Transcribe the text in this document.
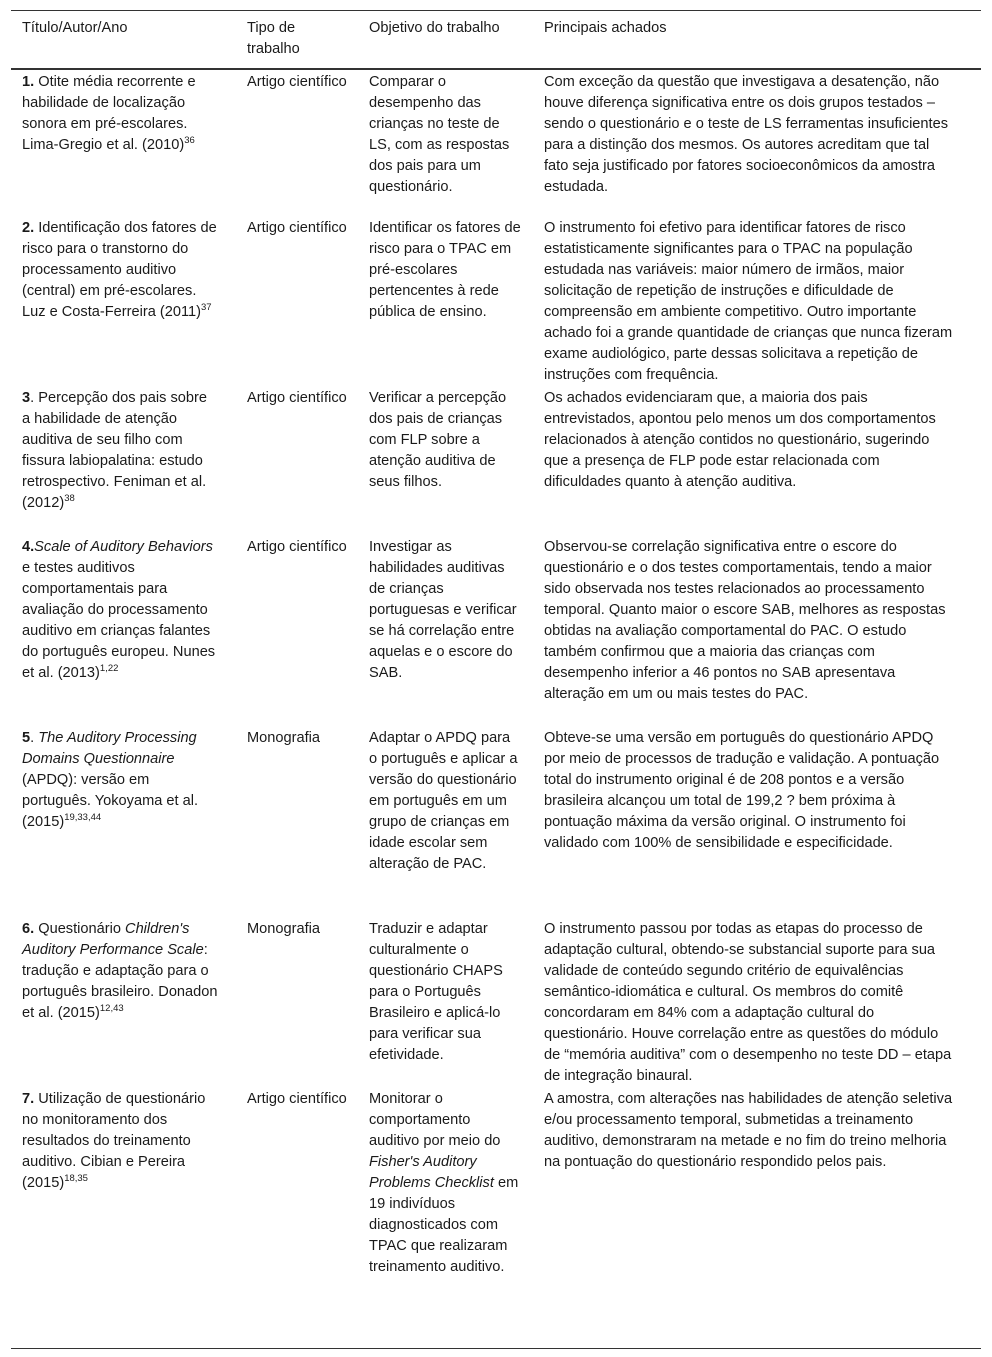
Título/Autor/Ano	Tipo de trabalho	Objetivo do trabalho	Principais achados
1. Otite média recorrente e habilidade de localização sonora em pré-escolares. Lima-Gregio et al. $(2010)^{36}$	Artigo científico	Comparar o desempenho das crianças no teste de LS, com as respostas dos pais para um questionário.	Com exceção da questão que investigava a desatenção, não houve diferença significativa entre os dois grupos testados – sendo o questionário e o teste de LS ferramentas insuficientes para a distinção dos mesmos. Os autores acreditam que tal fato seja justificado por fatores socioeconômicos da amostra estudada.
2. Identificação dos fatores de risco para o transtorno do processamento auditivo (central) em pré-escolares. Luz e Costa-Ferreira $(2011)^{37}$	Artigo científico	Identificar os fatores de risco para o TPAC em pré-escolares pertencentes à rede pública de ensino.	O instrumento foi efetivo para identificar fatores de risco estatisticamente significantes para o TPAC na população estudada nas variáveis: maior número de irmãos, maior solicitação de repetição de instruções e dificuldade de compreensão em ambiente competitivo. Outro importante achado foi a grande quantidade de crianças que nunca fizeram exame audiológico, parte dessas solicitava a repetição de instruções com frequência.
3. Percepção dos pais sobre a habilidade de atenção auditiva de seu filho com fissura labiopalatina: estudo retrospectivo. Feniman et al. $(2012)^{38}$	Artigo científico	Verificar a percepção dos pais de crianças com FLP sobre a atenção auditiva de seus filhos.	Os achados evidenciaram que, a maioria dos pais entrevistados, apontou pelo menos um dos comportamentos relacionados à atenção contidos no questionário, sugerindo que a presença de FLP pode estar relacionada com dificuldades quanto à atenção auditiva.
4.Scale of Auditory Behaviors e testes auditivos comportamentais para avaliação do processamento auditivo em crianças falantes do português europeu. Nunes et al. $(2013)^{1,22}$	Artigo científico	Investigar as habilidades auditivas de crianças portuguesas e verificar se há correlação entre aquelas e o escore do SAB.	Observou-se correlação significativa entre o escore do questionário e o dos testes comportamentais, tendo a maior sido observada nos testes relacionados ao processamento temporal. Quanto maior o escore SAB, melhores as respostas obtidas na avaliação comportamental do PAC. O estudo também confirmou que a maioria das crianças com desempenho inferior a 46 pontos no SAB apresentava alteração em um ou mais testes do PAC.
5. The Auditory Processing Domains Questionnaire (APDQ): versão em português. Yokoyama et al. $(2015)^{19,33,44}$	Monografia	Adaptar o APDQ para o português e aplicar a versão do questionário em português em um grupo de crianças em idade escolar sem alteração de PAC.	Obteve-se uma versão em português do questionário APDQ por meio de processos de tradução e validação. A pontuação total do instrumento original é de 208 pontos e a versão brasileira alcançou um total de 199,2 ? bem próxima à pontuação máxima da versão original. O instrumento foi validado com 100% de sensibilidade e especificidade.
6. Questionário Children's Auditory Performance Scale: tradução e adaptação para o português brasileiro. Donadon et al. $(2015)^{12,43}$	Monografia	Traduzir e adaptar culturalmente o questionário CHAPS para o Português Brasileiro e aplicá-lo para verificar sua efetividade.	O instrumento passou por todas as etapas do processo de adaptação cultural, obtendo-se substancial suporte para sua validade de conteúdo segundo critério de equivalências semântico-idiomática e cultural. Os membros do comitê concordaram em 84% com a adaptação cultural do questionário. Houve correlação entre as questões do módulo de “memória auditiva” com o desempenho no teste DD – etapa de integração binaural.
7. Utilização de questionário no monitoramento dos resultados do treinamento auditivo. Cibian e Pereira $(2015)^{18,35}$	Artigo científico	Monitorar o comportamento auditivo por meio do Fisher's Auditory Problems Checklist em 19 indivíduos diagnosticados com TPAC que realizaram treinamento auditivo.	A amostra, com alterações nas habilidades de atenção seletiva e/ou processamento temporal, submetidas a treinamento auditivo, demonstraram na metade e no fim do treino melhoria na pontuação do questionário respondido pelos pais.
